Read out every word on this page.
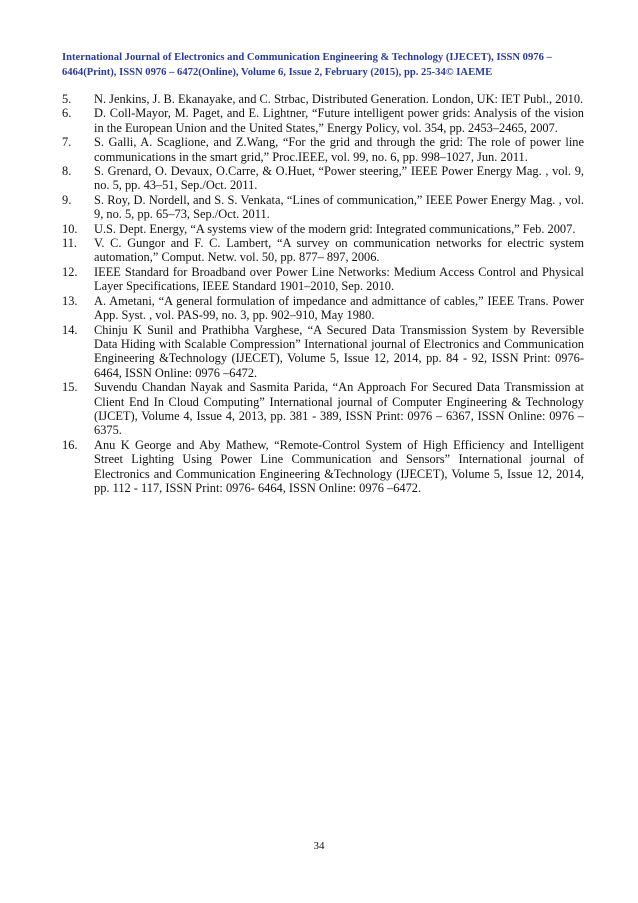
International Journal of Electronics and Communication Engineering & Technology (IJECET), ISSN 0976 –
6464(Print), ISSN 0976 – 6472(Online), Volume 6, Issue 2, February (2015), pp. 25-34© IAEME
5.	N. Jenkins, J. B. Ekanayake, and C. Strbac, Distributed Generation. London, UK: IET Publ., 2010.
6.	D. Coll-Mayor, M. Paget, and E. Lightner, “Future intelligent power grids: Analysis of the vision in the European Union and the United States,” Energy Policy, vol. 354, pp. 2453–2465, 2007.
7.	S. Galli, A. Scaglione, and Z.Wang, “For the grid and through the grid: The role of power line communications in the smart grid,” Proc.IEEE, vol. 99, no. 6, pp. 998–1027, Jun. 2011.
8.	S. Grenard, O. Devaux, O.Carre, & O.Huet, “Power steering,” IEEE Power Energy Mag. , vol. 9, no. 5, pp. 43–51, Sep./Oct. 2011.
9.	S. Roy, D. Nordell, and S. S. Venkata, “Lines of communication,” IEEE Power Energy Mag. , vol. 9, no. 5, pp. 65–73, Sep./Oct. 2011.
10.	U.S. Dept. Energy, “A systems view of the modern grid: Integrated communications,” Feb. 2007.
11.	V. C. Gungor and F. C. Lambert, “A survey on communication networks for electric system automation,” Comput. Netw. vol. 50, pp. 877– 897, 2006.
12.	IEEE Standard for Broadband over Power Line Networks: Medium Access Control and Physical Layer Specifications, IEEE Standard 1901–2010, Sep. 2010.
13.	A. Ametani, “A general formulation of impedance and admittance of cables,” IEEE Trans. Power App. Syst. , vol. PAS-99, no. 3, pp. 902–910, May 1980.
14.	Chinju K Sunil and Prathibha Varghese, “A Secured Data Transmission System by Reversible Data Hiding with Scalable Compression” International journal of Electronics and Communication Engineering &Technology (IJECET), Volume 5, Issue 12, 2014, pp. 84 - 92, ISSN Print: 0976- 6464, ISSN Online: 0976 –6472.
15.	Suvendu Chandan Nayak and Sasmita Parida, “An Approach For Secured Data Transmission at Client End In Cloud Computing” International journal of Computer Engineering & Technology (IJCET), Volume 4, Issue 4, 2013, pp. 381 - 389, ISSN Print: 0976 – 6367, ISSN Online: 0976 – 6375.
16.	Anu K George and Aby Mathew, “Remote-Control System of High Efficiency and Intelligent Street Lighting Using Power Line Communication and Sensors” International journal of Electronics and Communication Engineering &Technology (IJECET), Volume 5, Issue 12, 2014, pp. 112 - 117, ISSN Print: 0976- 6464, ISSN Online: 0976 –6472.
34
